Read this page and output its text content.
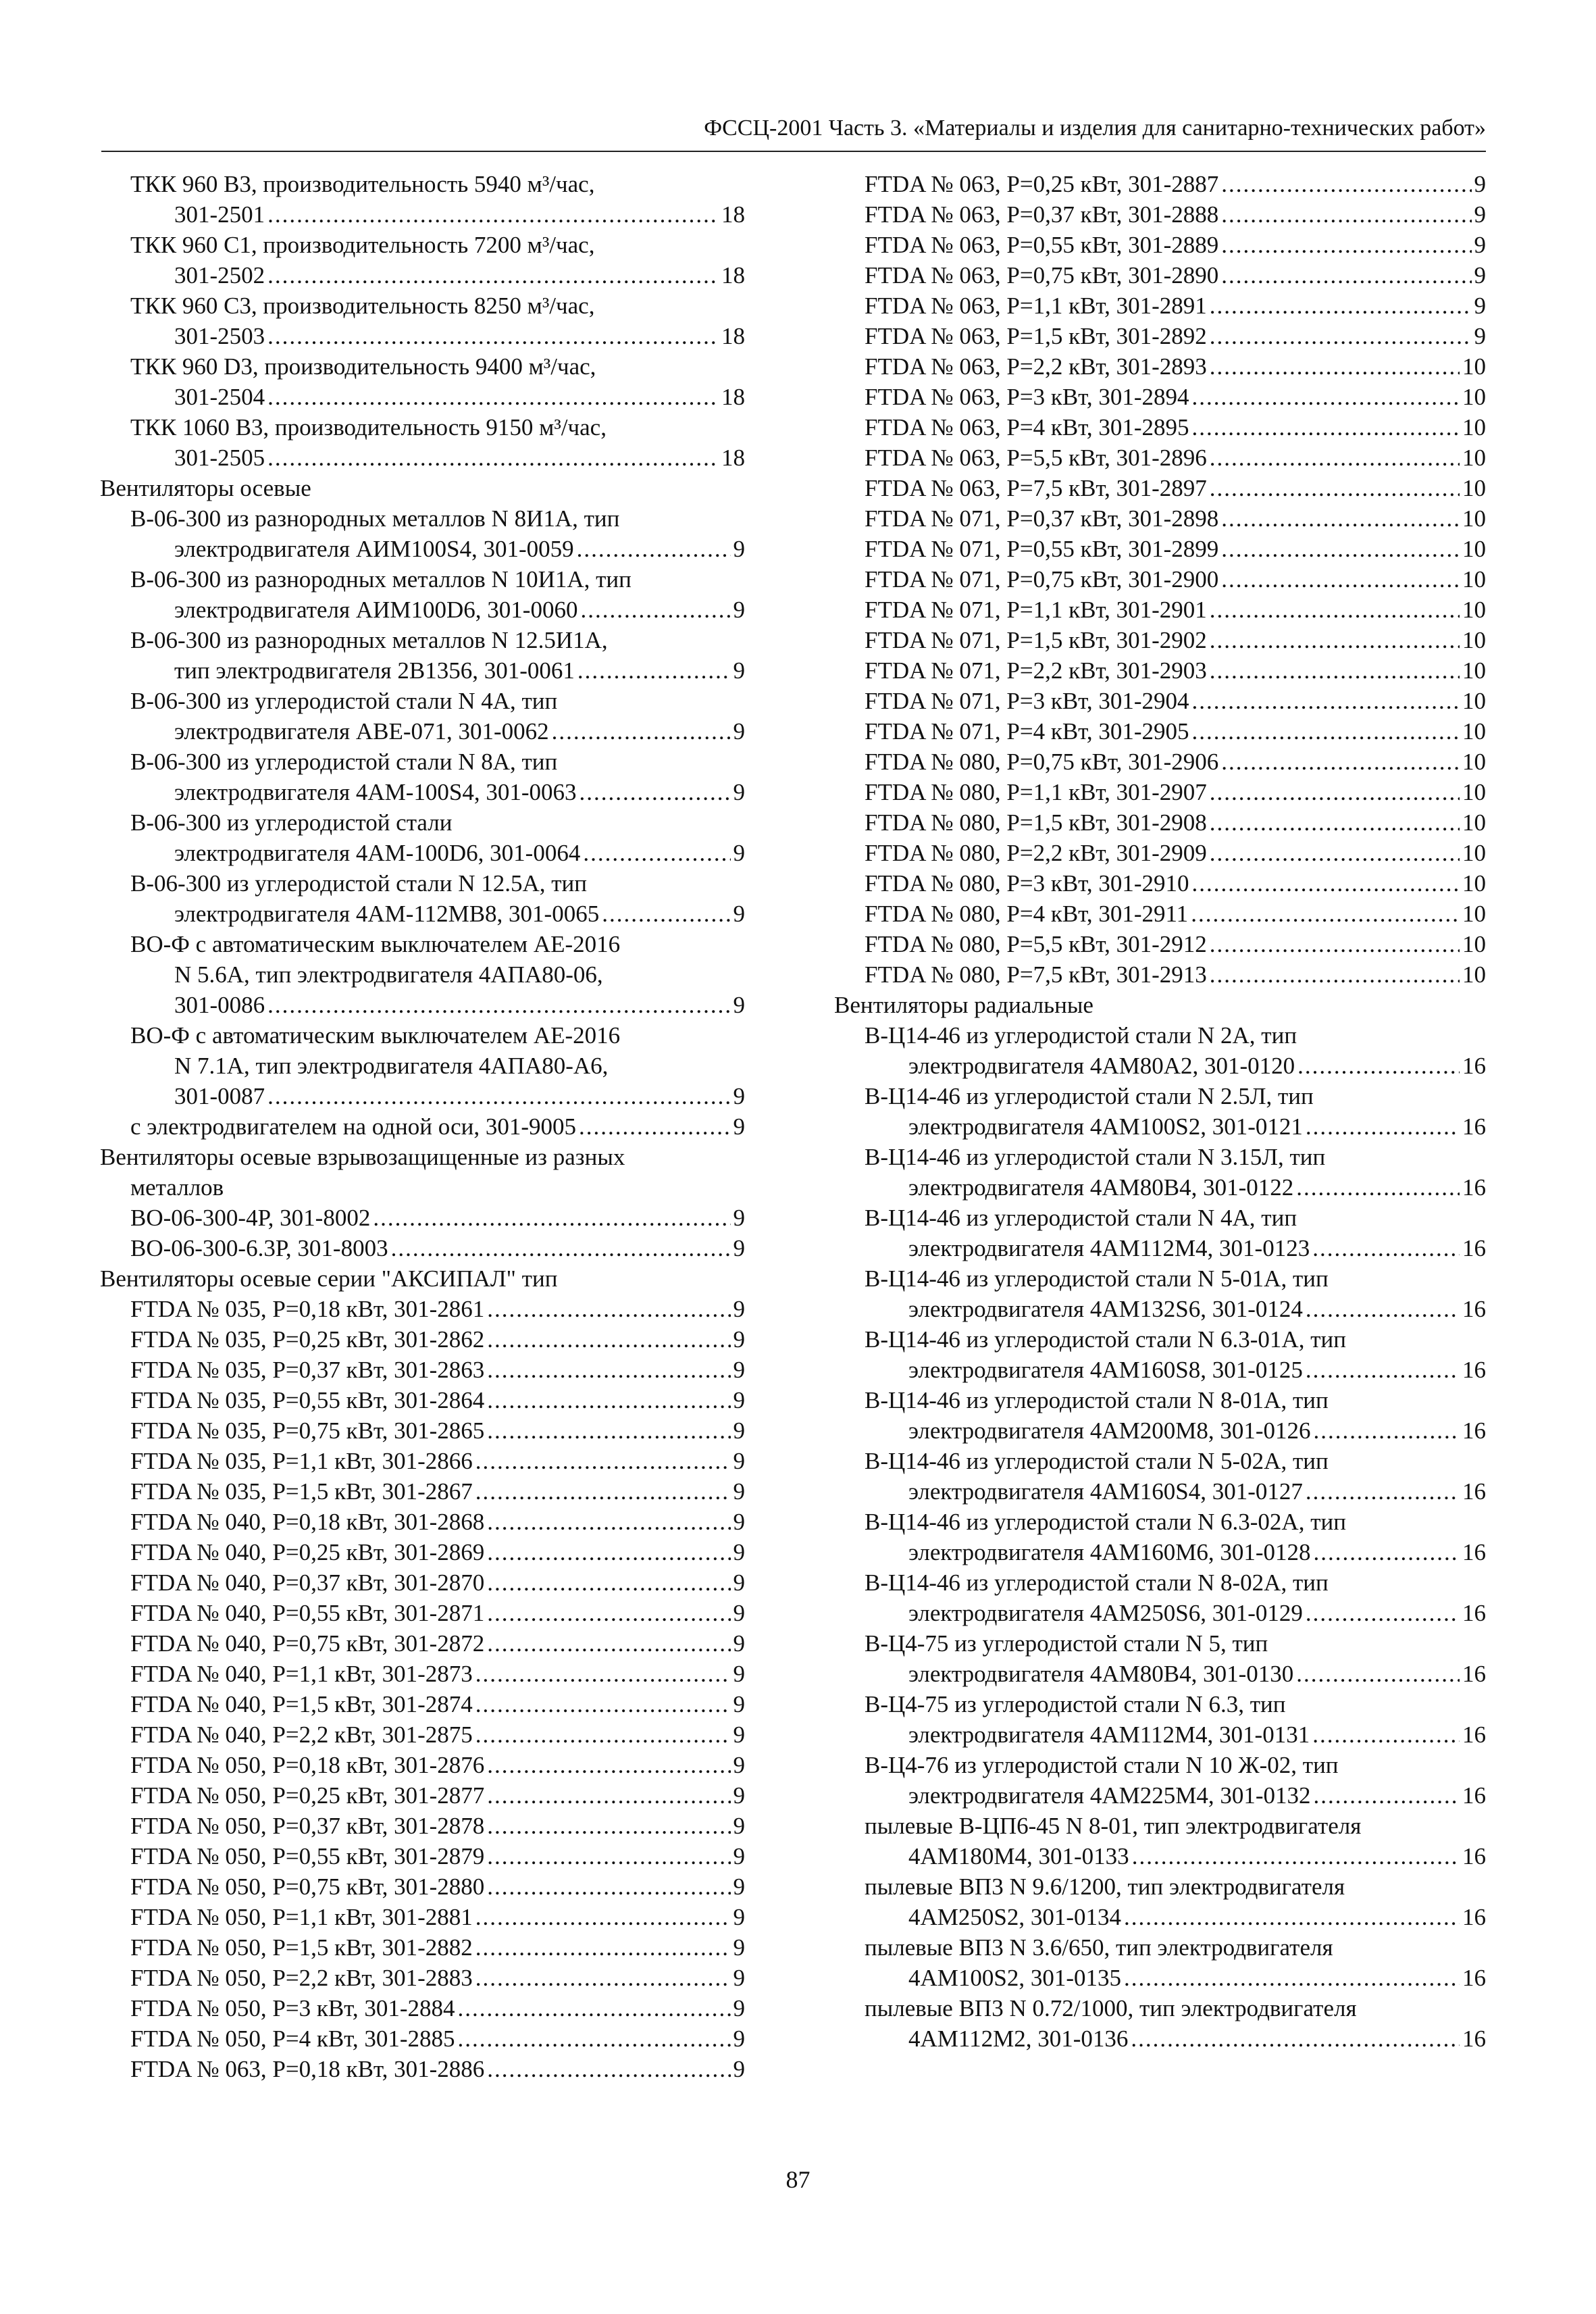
ФССЦ-2001 Часть 3. «Материалы и изделия для санитарно-технических работ»
ТКК 960 В3, производительность 5940 м³/час,
301-2501 .....	18
ТКК 960 С1, производительность 7200 м³/час,
301-2502 .....	18
ТКК 960 С3, производительность 8250 м³/час,
301-2503 .....	18
ТКК 960 D3, производительность 9400 м³/час,
301-2504 .....	18
ТКК 1060 В3, производительность 9150 м³/час,
301-2505 .....	18
Вентиляторы осевые
В-06-300 из разнородных металлов N 8И1А, тип
электродвигателя АИМ100S4, 301-0059 .....	9
В-06-300 из разнородных металлов N 10И1А, тип
электродвигателя АИМ100D6, 301-0060 .....	9
В-06-300 из разнородных металлов N 12.5И1А,
тип электродвигателя 2В1356, 301-0061 .....	9
В-06-300 из углеродистой стали N 4А, тип
электродвигателя АВЕ-071, 301-0062 .....	9
В-06-300 из углеродистой стали N 8А, тип
электродвигателя 4АМ-100S4, 301-0063 .....	9
В-06-300 из углеродистой стали
электродвигателя 4АМ-100D6, 301-0064 .....	9
В-06-300 из углеродистой стали N 12.5А, тип
электродвигателя 4АМ-112МВ8, 301-0065 .....	9
ВО-Ф с автоматическим выключателем АЕ-2016
N 5.6А, тип электродвигателя 4АПА80-06,
301-0086 .....	9
ВО-Ф с автоматическим выключателем АЕ-2016
N 7.1А, тип электродвигателя 4АПА80-А6,
301-0087 .....	9
с электродвигателем на одной оси, 301-9005 .....	9
Вентиляторы осевые взрывозащищенные из разных
металлов
ВО-06-300-4Р, 301-8002 .....	9
ВО-06-300-6.3Р, 301-8003 .....	9
Вентиляторы осевые серии "АКСИПАЛ" тип
FTDA № 035, Р=0,18 кВт, 301-2861 .....	9
FTDA № 035, Р=0,25 кВт, 301-2862 .....	9
FTDA № 035, Р=0,37 кВт, 301-2863 .....	9
FTDA № 035, Р=0,55 кВт, 301-2864 .....	9
FTDA № 035, Р=0,75 кВт, 301-2865 .....	9
FTDA № 035, Р=1,1 кВт, 301-2866 .....	9
FTDA № 035, Р=1,5 кВт, 301-2867 .....	9
FTDA № 040, Р=0,18 кВт, 301-2868 .....	9
FTDA № 040, Р=0,25 кВт, 301-2869 .....	9
FTDA № 040, Р=0,37 кВт, 301-2870 .....	9
FTDA № 040, Р=0,55 кВт, 301-2871 .....	9
FTDA № 040, Р=0,75 кВт, 301-2872 .....	9
FTDA № 040, Р=1,1 кВт, 301-2873 .....	9
FTDA № 040, Р=1,5 кВт, 301-2874 .....	9
FTDA № 040, Р=2,2 кВт, 301-2875 .....	9
FTDA № 050, Р=0,18 кВт, 301-2876 .....	9
FTDA № 050, Р=0,25 кВт, 301-2877 .....	9
FTDA № 050, Р=0,37 кВт, 301-2878 .....	9
FTDA № 050, Р=0,55 кВт, 301-2879 .....	9
FTDA № 050, Р=0,75 кВт, 301-2880 .....	9
FTDA № 050, Р=1,1 кВт, 301-2881 .....	9
FTDA № 050, Р=1,5 кВт, 301-2882 .....	9
FTDA № 050, Р=2,2 кВт, 301-2883 .....	9
FTDA № 050, Р=3 кВт, 301-2884 .....	9
FTDA № 050, Р=4 кВт, 301-2885 .....	9
FTDA № 063, Р=0,18 кВт, 301-2886 .....	9
FTDA № 063, Р=0,25 кВт, 301-2887 .....	9
FTDA № 063, Р=0,37 кВт, 301-2888 .....	9
FTDA № 063, Р=0,55 кВт, 301-2889 .....	9
FTDA № 063, Р=0,75 кВт, 301-2890 .....	9
FTDA № 063, Р=1,1 кВт, 301-2891 .....	9
FTDA № 063, Р=1,5 кВт, 301-2892 .....	9
FTDA № 063, Р=2,2 кВт, 301-2893 .....	10
FTDA № 063, Р=3 кВт, 301-2894 .....	10
FTDA № 063, Р=4 кВт, 301-2895 .....	10
FTDA № 063, Р=5,5 кВт, 301-2896 .....	10
FTDA № 063, Р=7,5 кВт, 301-2897 .....	10
FTDA № 071, Р=0,37 кВт, 301-2898 .....	10
FTDA № 071, Р=0,55 кВт, 301-2899 .....	10
FTDA № 071, Р=0,75 кВт, 301-2900 .....	10
FTDA № 071, Р=1,1 кВт, 301-2901 .....	10
FTDA № 071, Р=1,5 кВт, 301-2902 .....	10
FTDA № 071, Р=2,2 кВт, 301-2903 .....	10
FTDA № 071, Р=3 кВт, 301-2904 .....	10
FTDA № 071, Р=4 кВт, 301-2905 .....	10
FTDA № 080, Р=0,75 кВт, 301-2906 .....	10
FTDA № 080, Р=1,1 кВт, 301-2907 .....	10
FTDA № 080, Р=1,5 кВт, 301-2908 .....	10
FTDA № 080, Р=2,2 кВт, 301-2909 .....	10
FTDA № 080, Р=3 кВт, 301-2910 .....	10
FTDA № 080, Р=4 кВт, 301-2911 .....	10
FTDA № 080, Р=5,5 кВт, 301-2912 .....	10
FTDA № 080, Р=7,5 кВт, 301-2913 .....	10
Вентиляторы радиальные
В-Ц14-46 из углеродистой стали N 2А, тип
электродвигателя 4АМ80А2, 301-0120 .....	16
В-Ц14-46 из углеродистой стали N 2.5Л, тип
электродвигателя 4АМ100S2, 301-0121 .....	16
В-Ц14-46 из углеродистой стали N 3.15Л, тип
электродвигателя 4АМ80В4, 301-0122 .....	16
В-Ц14-46 из углеродистой стали N 4А, тип
электродвигателя 4АМ112М4, 301-0123 .....	16
В-Ц14-46 из углеродистой стали N 5-01А, тип
электродвигателя 4АМ132S6, 301-0124 .....	16
В-Ц14-46 из углеродистой стали N 6.3-01А, тип
электродвигателя 4АМ160S8, 301-0125 .....	16
В-Ц14-46 из углеродистой стали N 8-01А, тип
электродвигателя 4АМ200М8, 301-0126 .....	16
В-Ц14-46 из углеродистой стали N 5-02А, тип
электродвигателя 4АМ160S4, 301-0127 .....	16
В-Ц14-46 из углеродистой стали N 6.3-02А, тип
электродвигателя 4АМ160М6, 301-0128 .....	16
В-Ц14-46 из углеродистой стали N 8-02А, тип
электродвигателя 4АМ250S6, 301-0129 .....	16
В-Ц4-75 из углеродистой стали N 5, тип
электродвигателя 4АМ80В4, 301-0130 .....	16
В-Ц4-75 из углеродистой стали N 6.3, тип
электродвигателя 4АМ112М4, 301-0131 .....	16
В-Ц4-76 из углеродистой стали N 10 Ж-02, тип
электродвигателя 4АМ225М4, 301-0132 .....	16
пылевые В-ЦП6-45 N 8-01, тип электродвигателя
4АМ180М4, 301-0133 .....	16
пылевые ВП3 N 9.6/1200, тип электродвигателя
4АМ250S2, 301-0134 .....	16
пылевые ВП3 N 3.6/650, тип электродвигателя
4АМ100S2, 301-0135 .....	16
пылевые ВП3 N 0.72/1000, тип электродвигателя
4АМ112М2, 301-0136 .....	16
87
